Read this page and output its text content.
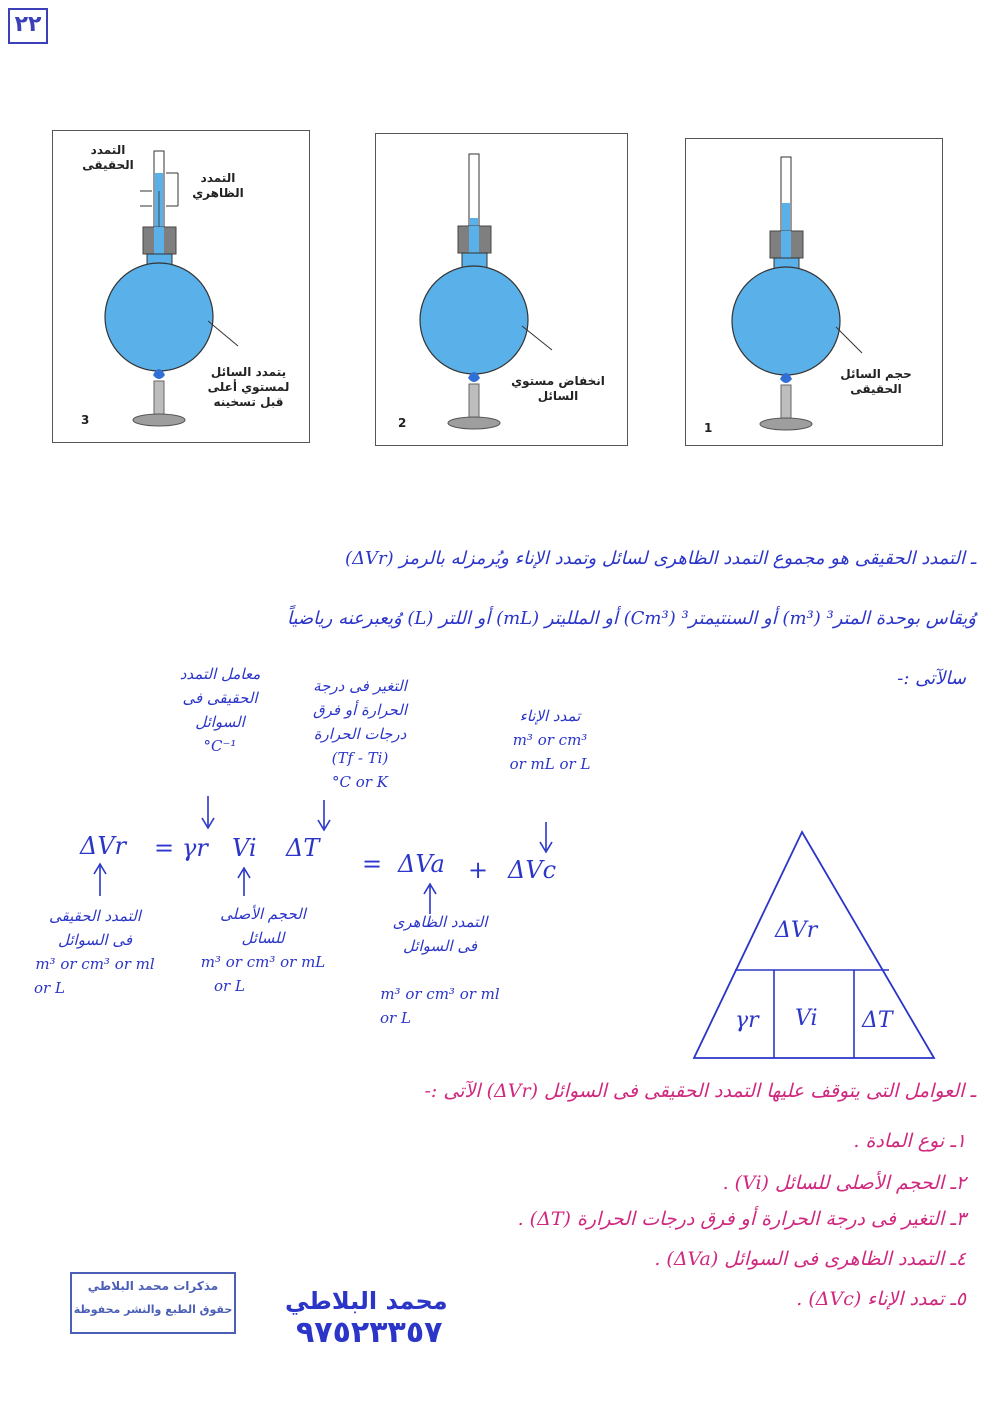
٢٢
التمدد الحقيقى
التمدد الظاهري
يتمدد السائل لمستوي أعلى قبل تسخينه
3
انخفاض مستوي السائل
2
حجم السائل الحقيقى
1
ـ التمدد الحقيقى هو مجموع التمدد الظاهرى لسائل وتمدد الإناء ويُرمزله بالرمز (ΔVr)
وُيقاس بوحدة المتر³ (m³) أو السنتيمتر³ (Cm³) أو الملليتر (mL) أو اللتر (L) وُيعبرعنه رياضياً
سالآتى :-
معامل التمدد
الحقيقى فى
السوائل
°C⁻¹
التغير فى درجة
الحرارة أو فرق
درجات الحرارة
(Tf - Ti)
°C or K
تمدد الإناء
m³ or cm³
or mL or L
ΔVr = γr Vi ΔT
= ΔVa + ΔVc
التمدد الحقيقى
فى السوائل
m³ or cm³ or ml
or L
الحجم الأصلى
للسائل
m³ or cm³ or mL
or L
التمدد الظاهرى
فى السوائل
m³ or cm³ or ml
or L
ΔVr
γr Vi ΔT
ـ العوامل التى يتوقف عليها التمدد الحقيقى فى السوائل (ΔVr) الآتى :-
١ـ نوع المادة .
٢ـ الحجم الأصلى للسائل (Vi) .
٣ـ التغير فى درجة الحرارة أو فرق درجات الحرارة (ΔT) .
٤ـ التمدد الظاهرى فى السوائل (ΔVa) .
٥ـ تمدد الإناء (ΔVc) .
مذكرات محمد البلاطي
حقوق الطبع والنشر محفوظة محمد البلاطي
٩٧٥٢٣٣٥٧
